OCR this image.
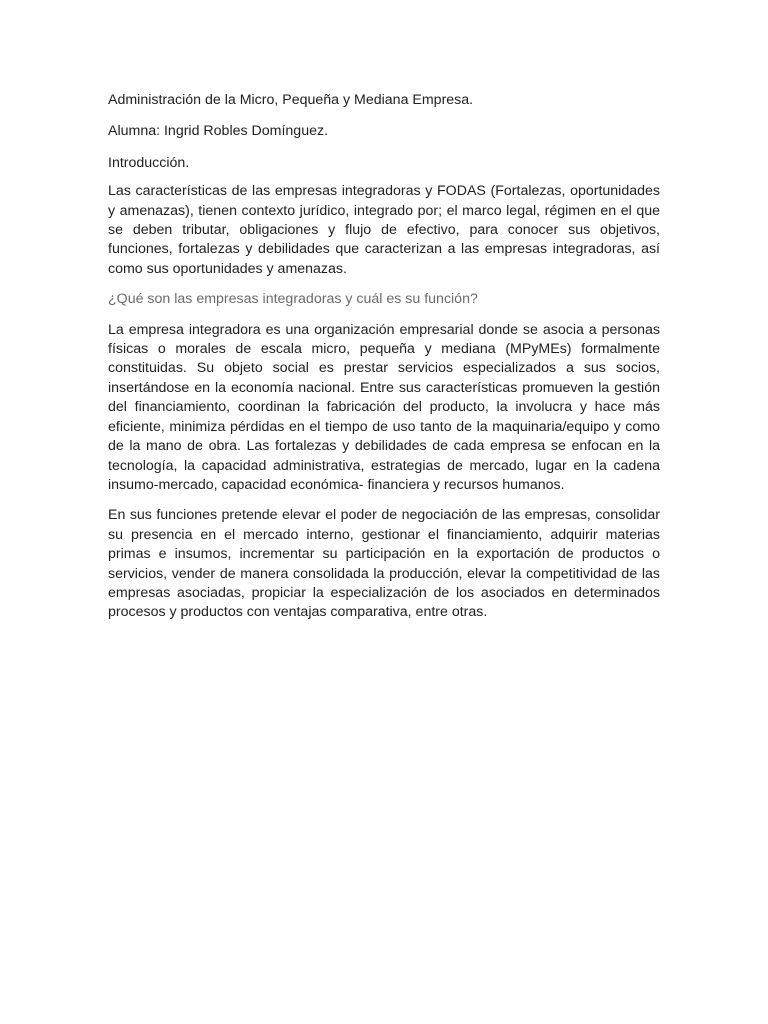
Administración de la Micro, Pequeña y Mediana Empresa.

Alumna: Ingrid Robles Domínguez.

Introducción.

Las características de las empresas integradoras y FODAS (Fortalezas, oportunidades y amenazas), tienen contexto jurídico, integrado por; el marco legal, régimen en el que se deben tributar, obligaciones y flujo de efectivo, para conocer sus objetivos, funciones, fortalezas y debilidades que caracterizan a las empresas integradoras, así como sus oportunidades y amenazas.

¿Qué son las empresas integradoras y cuál es su función?

La empresa integradora es una organización empresarial donde se asocia a personas físicas o morales de escala micro, pequeña y mediana (MPyMEs) formalmente constituidas. Su objeto social es prestar servicios especializados a sus socios, insertándose en la economía nacional. Entre sus características promueven la gestión del financiamiento, coordinan la fabricación del producto, la involucra y hace más eficiente, minimiza pérdidas en el tiempo de uso tanto de la maquinaria/equipo y como de la mano de obra. Las fortalezas y debilidades de cada empresa se enfocan en la tecnología, la capacidad administrativa, estrategias de mercado, lugar en la cadena insumo-mercado, capacidad económica- financiera y recursos humanos.

En sus funciones pretende elevar el poder de negociación de las empresas, consolidar su presencia en el mercado interno, gestionar el financiamiento, adquirir materias primas e insumos, incrementar su participación en la exportación de productos o servicios, vender de manera consolidada la producción, elevar la competitividad de las empresas asociadas, propiciar la especialización de los asociados en determinados procesos y productos con ventajas comparativa, entre otras.
